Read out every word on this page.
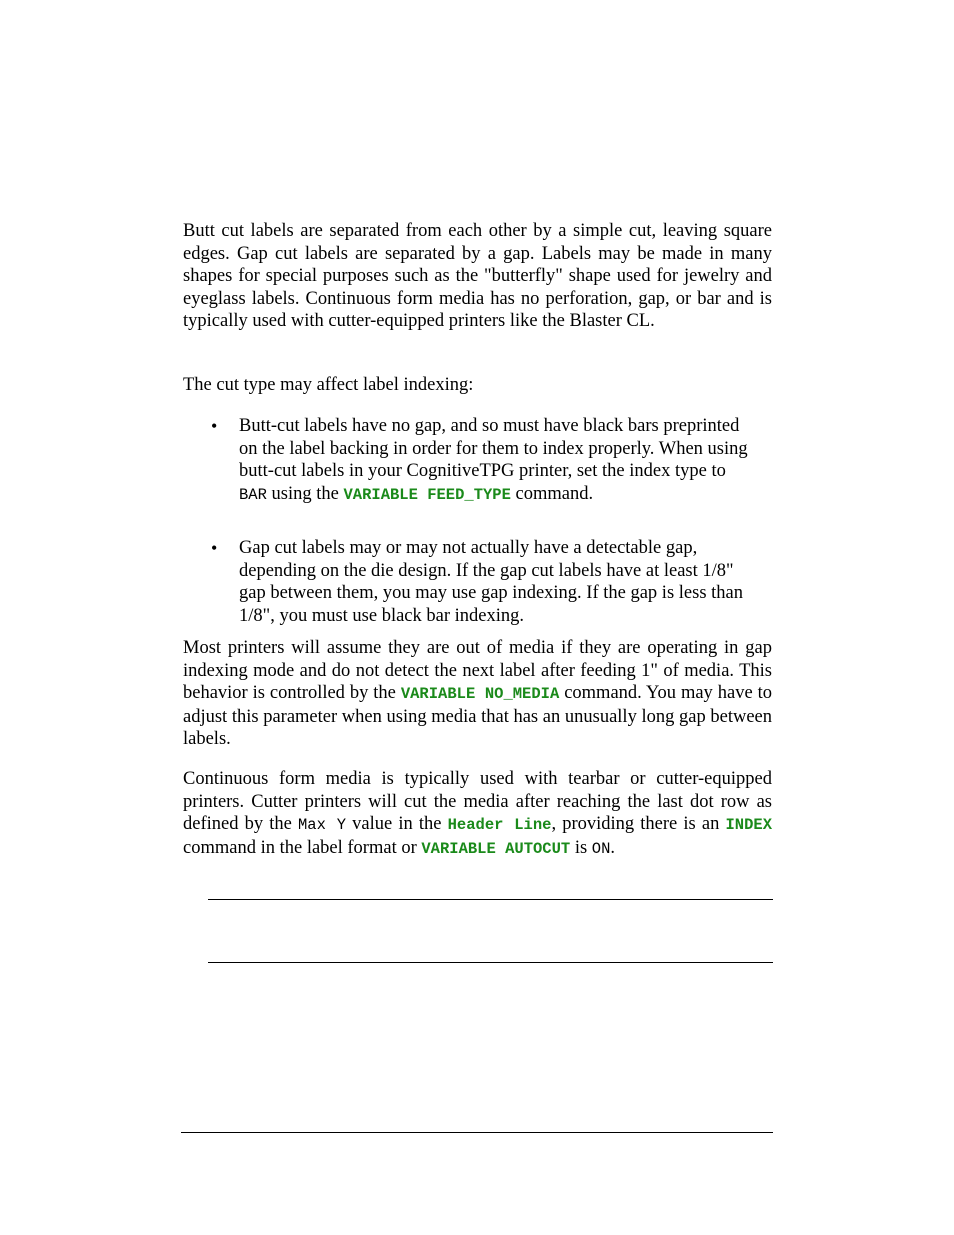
Butt cut labels are separated from each other by a simple cut, leaving square edges. Gap cut labels are separated by a gap. Labels may be made in many shapes for special purposes such as the "butterfly" shape used for jewelry and eyeglass labels. Continuous form media has no perforation, gap, or bar and is typically used with cutter-equipped printers like the Blaster CL.

The cut type may affect label indexing:

• Butt-cut labels have no gap, and so must have black bars preprinted on the label backing in order for them to index properly. When using butt-cut labels in your CognitiveTPG printer, set the index type to BAR using the VARIABLE FEED_TYPE command.

• Gap cut labels may or may not actually have a detectable gap, depending on the die design. If the gap cut labels have at least 1/8" gap between them, you may use gap indexing. If the gap is less than 1/8", you must use black bar indexing.

Most printers will assume they are out of media if they are operating in gap indexing mode and do not detect the next label after feeding 1" of media. This behavior is controlled by the VARIABLE NO_MEDIA command. You may have to adjust this parameter when using media that has an unusually long gap between labels.

Continuous form media is typically used with tearbar or cutter-equipped printers. Cutter printers will cut the media after reaching the last dot row as defined by the Max Y value in the Header Line, providing there is an INDEX command in the label format or VARIABLE AUTOCUT is ON.
